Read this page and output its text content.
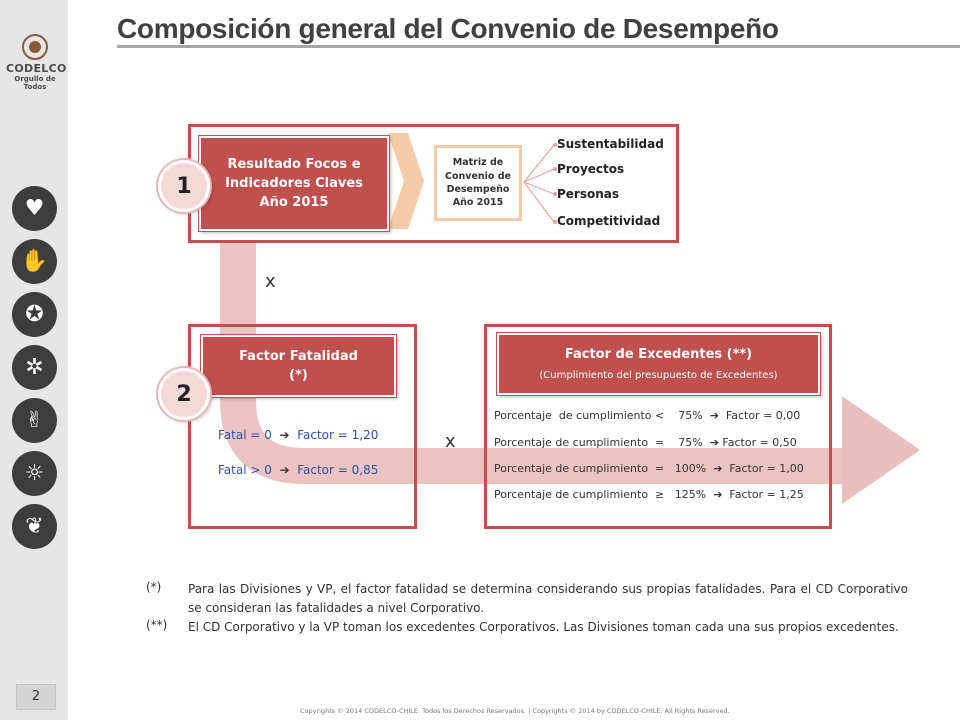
CODELCO
Orgullo de Todos
♥
✋
✪
✲
✌
☼
❦
2
Composición general del Convenio de Desempeño
Resultado Focos e
Indicadores Claves
Año 2015
1
Matriz de
Convenio de
Desempeño
Año 2015
Sustentabilidad
Proyectos
Personas
Competitividad
x
Factor Fatalidad
(*)
2
Fatal = 0  ➔  Factor = 1,20
Fatal > 0  ➔  Factor = 0,85
x
Factor de Excedentes (**)
(Cumplimiento del presupuesto de Excedentes)
Porcentaje  de cumplimiento <    75%  ➔  Factor = 0,00
Porcentaje de cumplimiento  =    75%  ➔ Factor = 0,50
Porcentaje de cumplimiento  =   100%  ➔  Factor = 1,00
Porcentaje de cumplimiento  ≥   125%  ➔  Factor = 1,25
(*) Para las Divisiones y VP, el factor fatalidad se determina considerando sus propias fatalidades. Para el CD Corporativo se consideran las fatalidades a nivel Corporativo.
(**) El CD Corporativo y la VP toman los excedentes Corporativos. Las Divisiones toman cada una sus propios excedentes.
Copyrights © 2014 CODELCO-CHILE. Todos los Derechos Reservados. | Copyrights © 2014 by CODELCO-CHILE. All Rights Reserved.
